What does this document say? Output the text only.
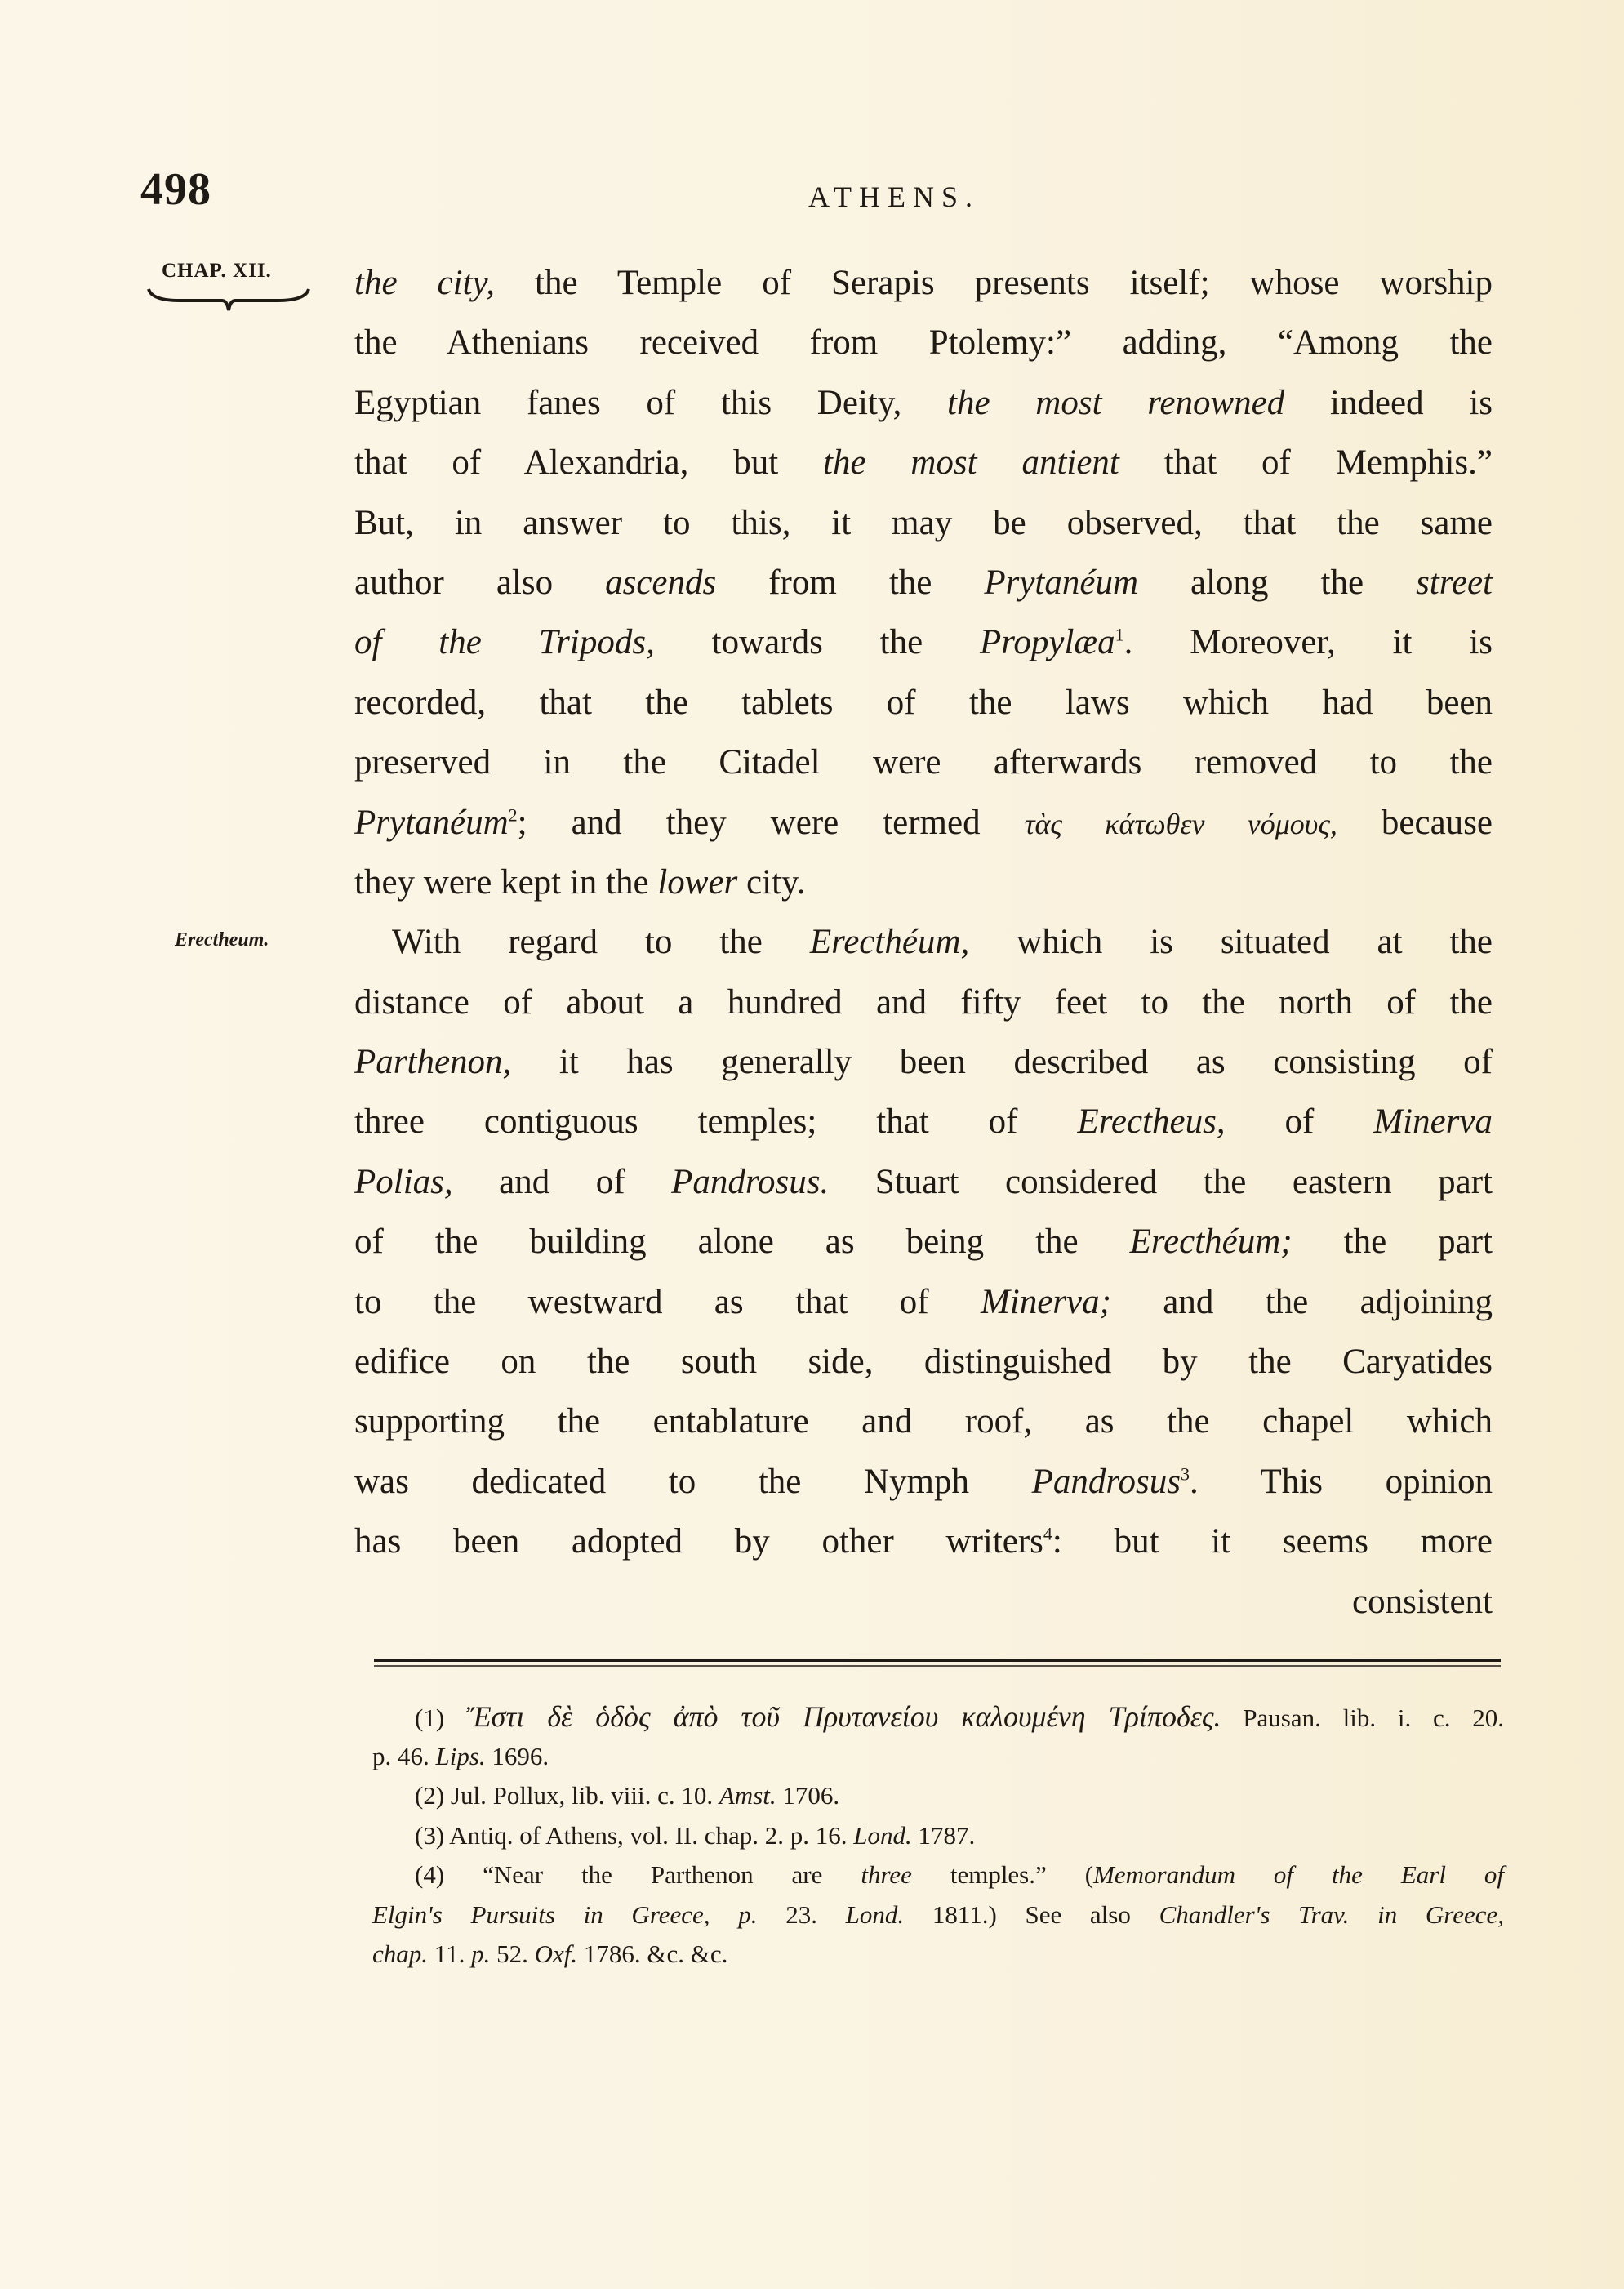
498	ATHENS.
CHAP. XII.
Erectheum.
the city, the Temple of Serapis presents itself; whose worship
the Athenians received from Ptolemy:” adding, “Among the
Egyptian fanes of this Deity, the most renowned indeed is
that of Alexandria, but the most antient that of Memphis.”
But, in answer to this, it may be observed, that the same
author also ascends from the Prytanéum along the street
of the Tripods, towards the Propylæa$^1$. Moreover, it is
recorded, that the tablets of the laws which had been
preserved in the Citadel were afterwards removed to the
Prytanéum$^2$; and they were termed τὰς κάτωθεν νόμους, because
they were kept in the lower city.
With regard to the Erecthéum, which is situated at the
distance of about a hundred and fifty feet to the north of the
Parthenon, it has generally been described as consisting of
three contiguous temples; that of Erectheus, of Minerva
Polias, and of Pandrosus. Stuart considered the eastern part
of the building alone as being the Erecthéum; the part
to the westward as that of Minerva; and the adjoining
edifice on the south side, distinguished by the Caryatides
supporting the entablature and roof, as the chapel which
was dedicated to the Nymph Pandrosus$^3$. This opinion
has been adopted by other writers$^4$: but it seems more
consistent
(1) Ἔστι δὲ ὁδὸς ἀπὸ τοῦ Πρυτανείου καλουμένη Τρίποδες. Pausan. lib. i. c. 20.
p. 46. Lips. 1696.
(2) Jul. Pollux, lib. viii. c. 10. Amst. 1706.
(3) Antiq. of Athens, vol. II. chap. 2. p. 16. Lond. 1787.
(4) “Near the Parthenon are three temples.” (Memorandum of the Earl of
Elgin's Pursuits in Greece, p. 23. Lond. 1811.) See also Chandler's Trav. in Greece,
chap. 11. p. 52. Oxf. 1786. &c. &c.
